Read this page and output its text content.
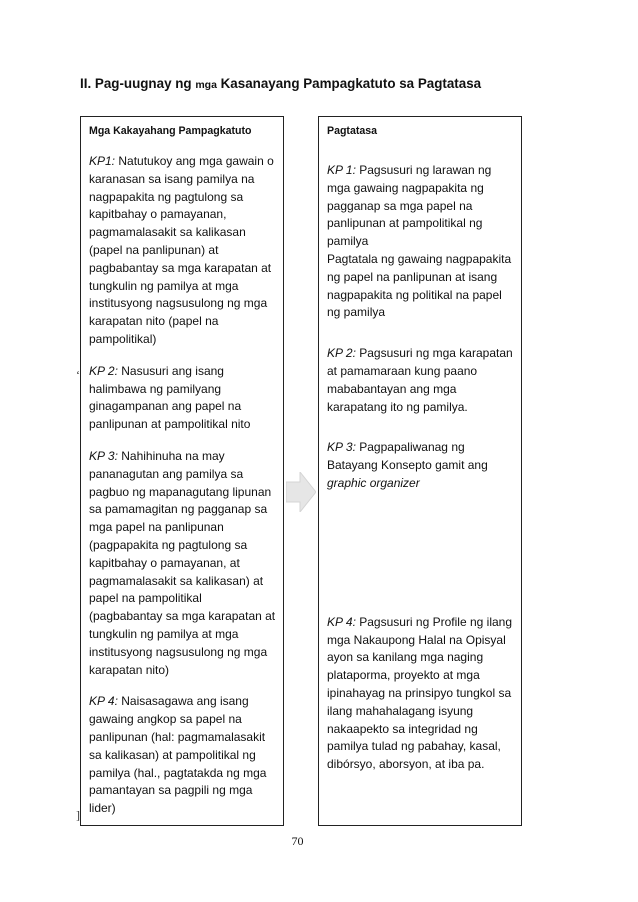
II. Pag-uugnay ng mga Kasanayang Pampagkatuto sa Pagtatasa
‘
]
Mga Kakayahang Pampagkatuto
KP1: Natutukoy ang mga gawain o karanasan sa isang pamilya na nagpapakita ng pagtulong sa kapitbahay o pamayanan, pagmamalasakit sa kalikasan (papel na panlipunan) at pagbabantay sa mga karapatan at tungkulin ng pamilya at mga institusyong nagsusulong ng mga karapatan nito (papel na pampolitikal)
KP 2: Nasusuri ang isang halimbawa ng pamilyang ginagampanan ang papel na panlipunan at pampolitikal nito
KP 3: Nahihinuha na may pananagutan ang pamilya sa pagbuo ng mapanagutang lipunan sa pamamagitan ng pagganap sa mga papel na panlipunan (pagpapakita ng pagtulong sa kapitbahay o pamayanan, at pagmamalasakit sa kalikasan) at papel na pampolitikal (pagbabantay sa mga karapatan at tungkulin ng pamilya at mga institusyong nagsusulong ng mga karapatan nito)
KP 4: Naisasagawa ang isang gawaing angkop sa papel na panlipunan (hal: pagmamalasakit sa kalikasan) at pampolitikal ng pamilya (hal., pagtatakda ng mga pamantayan sa pagpili ng mga lider)
Pagtatasa
KP 1: Pagsusuri ng larawan ng mga gawaing nagpapakita ng pagganap sa mga papel na panlipunan at pampolitikal ng pamilya
Pagtatala ng gawaing nagpapakita ng papel na panlipunan at isang nagpapakita ng politikal na papel ng pamilya
KP 2: Pagsusuri ng mga karapatan at pamamaraan kung paano mababantayan ang mga karapatang ito ng pamilya.
KP 3: Pagpapaliwanag ng Batayang Konsepto gamit ang graphic organizer
KP 4: Pagsusuri ng Profile ng ilang mga Nakaupong Halal na Opisyal ayon sa kanilang mga naging plataporma, proyekto at mga ipinahayag na prinsipyo tungkol sa ilang mahahalagang isyung nakaapekto sa integridad ng pamilya tulad ng pabahay, kasal, dibórsyo, aborsyon, at iba pa.
70
